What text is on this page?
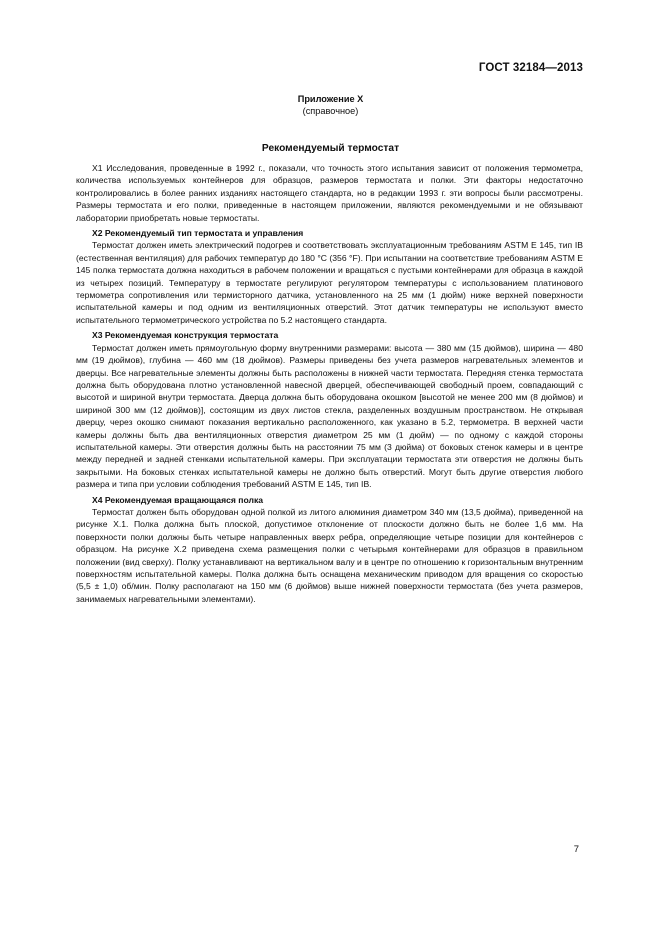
ГОСТ 32184—2013
Приложение X
(справочное)
Рекомендуемый термостат

X1 Исследования, проведенные в 1992 г., показали, что точность этого испытания зависит от положения термометра, количества используемых контейнеров для образцов, размеров термостата и полки. Эти факторы недостаточно контролировались в более ранних изданиях настоящего стандарта, но в редакции 1993 г. эти вопросы были рассмотрены. Размеры термостата и его полки, приведенные в настоящем приложении, являются рекомендуемыми и не обязывают лаборатории приобретать новые термостаты.

X2 Рекомендуемый тип термостата и управления

Термостат должен иметь электрический подогрев и соответствовать эксплуатационным требованиям ASTM E 145, тип IB (естественная вентиляция) для рабочих температур до 180 °C (356 °F). При испытании на соответствие требованиям ASTM E 145 полка термостата должна находиться в рабочем положении и вращаться с пустыми контейнерами для образца в каждой из четырех позиций. Температуру в термостате регулируют регулятором температуры с использованием платинового термометра сопротивления или термисторного датчика, установленного на 25 мм (1 дюйм) ниже верхней поверхности испытательной камеры и под одним из вентиляционных отверстий. Этот датчик температуры не используют вместо испытательного термометрического устройства по 5.2 настоящего стандарта.

X3 Рекомендуемая конструкция термостата

Термостат должен иметь прямоугольную форму внутренними размерами: высота — 380 мм (15 дюймов), ширина — 480 мм (19 дюймов), глубина — 460 мм (18 дюймов). Размеры приведены без учета размеров нагревательных элементов и дверцы. Все нагревательные элементы должны быть расположены в нижней части термостата. Передняя стенка термостата должна быть оборудована плотно установленной навесной дверцей, обеспечивающей свободный проем, совпадающий с высотой и шириной внутри термостата. Дверца должна быть оборудована окошком [высотой не менее 200 мм (8 дюймов) и шириной 300 мм (12 дюймов)], состоящим из двух листов стекла, разделенных воздушным пространством. Не открывая дверцу, через окошко снимают показания вертикально расположенного, как указано в 5.2, термометра. В верхней части камеры должны быть два вентиляционных отверстия диаметром 25 мм (1 дюйм) — по одному с каждой стороны испытательной камеры. Эти отверстия должны быть на расстоянии 75 мм (3 дюйма) от боковых стенок камеры и в центре между передней и задней стенками испытательной камеры. При эксплуатации термостата эти отверстия не должны быть закрытыми. На боковых стенках испытательной камеры не должно быть отверстий. Могут быть другие отверстия любого размера и типа при условии соблюдения требований ASTM E 145, тип IB.

X4 Рекомендуемая вращающаяся полка

Термостат должен быть оборудован одной полкой из литого алюминия диаметром 340 мм (13,5 дюйма), приведенной на рисунке X.1. Полка должна быть плоской, допустимое отклонение от плоскости должно быть не более 1,6 мм. На поверхности полки должны быть четыре направленных вверх ребра, определяющие четыре позиции для контейнеров с образцом. На рисунке X.2 приведена схема размещения полки с четырьмя контейнерами для образцов в правильном положении (вид сверху). Полку устанавливают на вертикальном валу и в центре по отношению к горизонтальным внутренним поверхностям испытательной камеры. Полка должна быть оснащена механическим приводом для вращения со скоростью (5,5 ± 1,0) об/мин. Полку располагают на 150 мм (6 дюймов) выше нижней поверхности термостата (без учета размеров, занимаемых нагревательными элементами).

7
